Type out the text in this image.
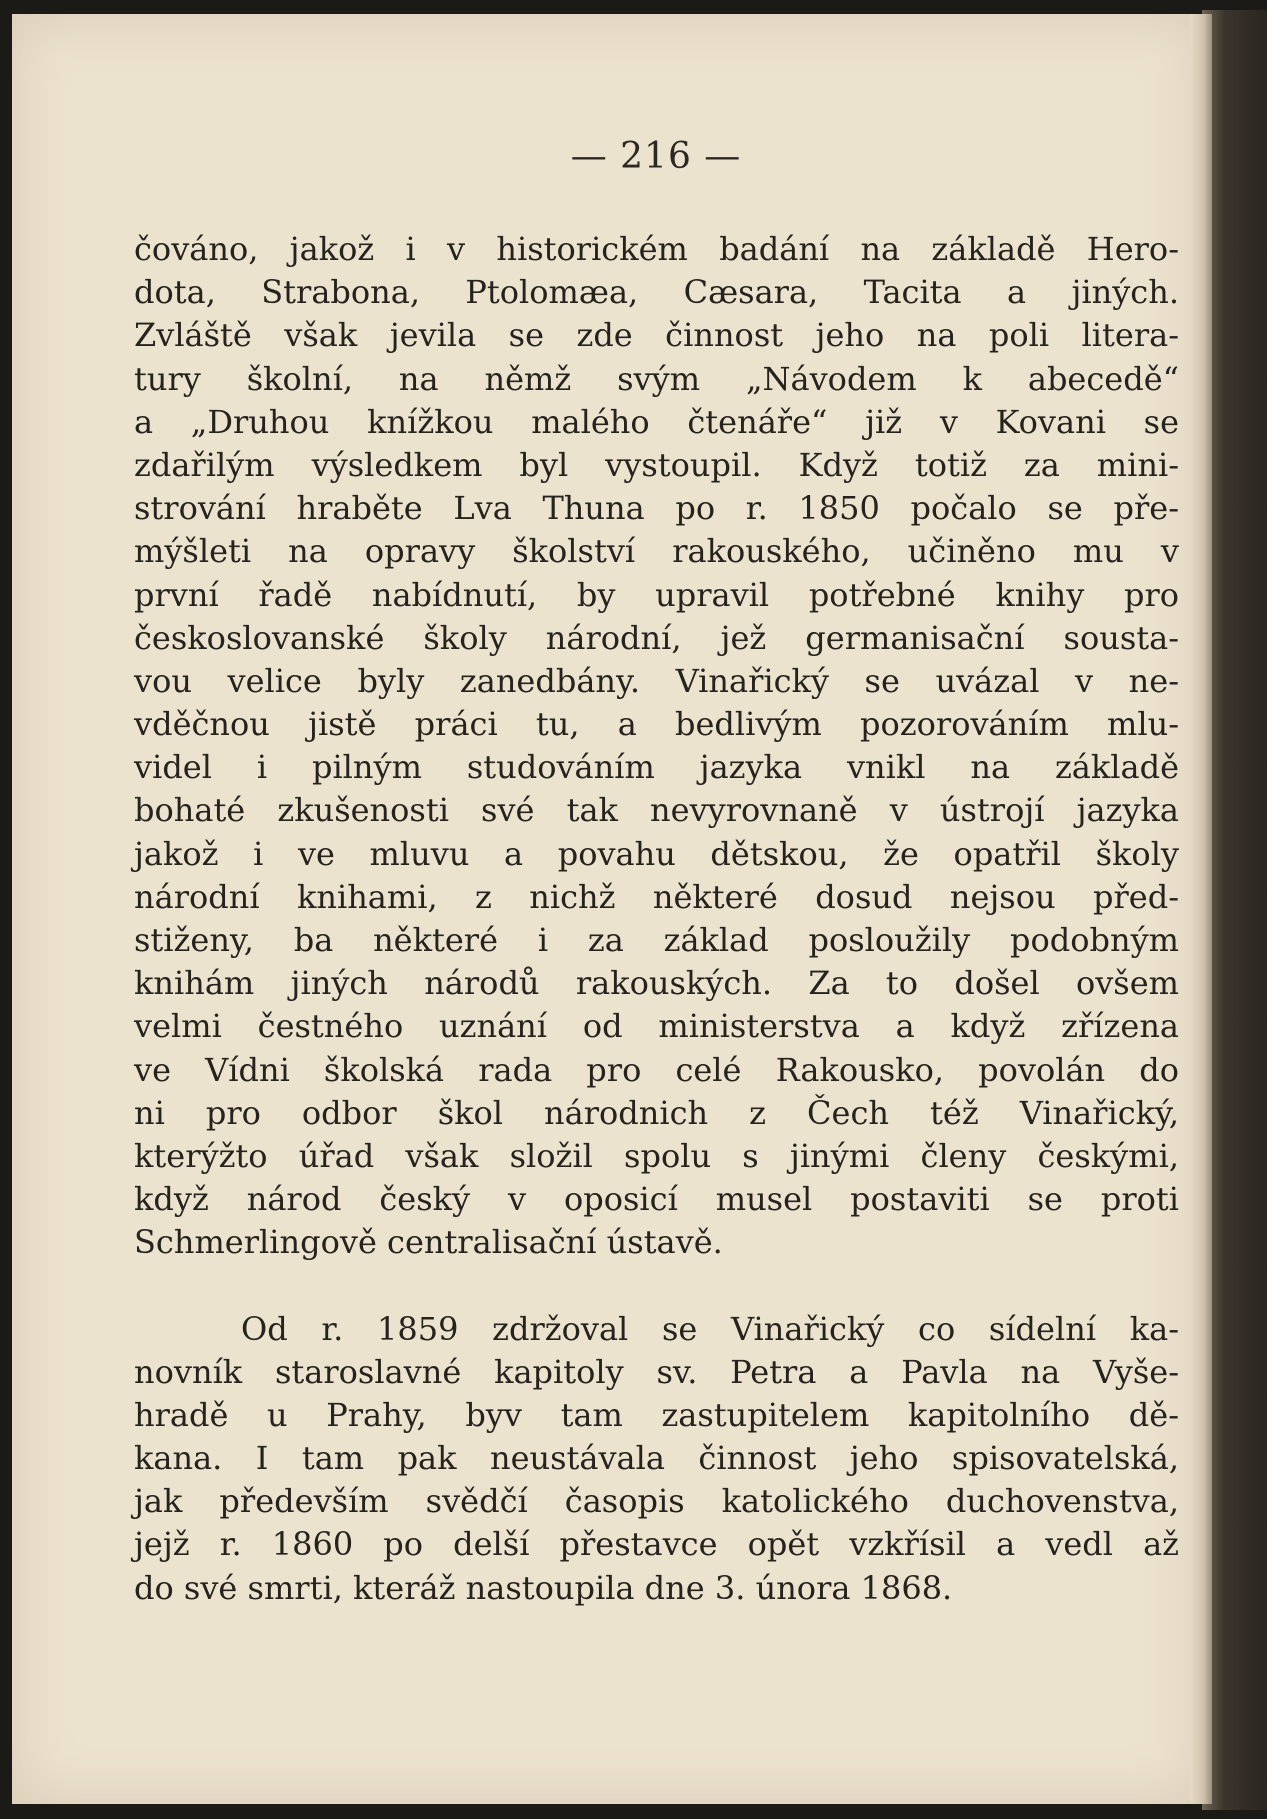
— 216 —
čováno, jakož i v historickém badání na základě Hero-
dota, Strabona, Ptolomæa, Cæsara, Tacita a jiných.
Zvláště však jevila se zde činnost jeho na poli litera-
tury školní, na němž svým „Návodem k abecedě“
a „Druhou knížkou malého čtenáře“ již v Kovani se
zdařilým výsledkem byl vystoupil. Když totiž za mini-
strování hraběte Lva Thuna po r. 1850 počalo se pře-
mýšleti na opravy školství rakouského, učiněno mu v
první řadě nabídnutí, by upravil potřebné knihy pro
českoslovanské školy národní, jež germanisační sousta-
vou velice byly zanedbány. Vinařický se uvázal v ne-
vděčnou jistě práci tu, a bedlivým pozorováním mlu-
videl i pilným studováním jazyka vnikl na základě
bohaté zkušenosti své tak nevyrovnaně v ústrojí jazyka
jakož i ve mluvu a povahu dětskou, že opatřil školy
národní knihami, z nichž některé dosud nejsou před-
stiženy, ba některé i za základ posloužily podobným
knihám jiných národů rakouských. Za to došel ovšem
velmi čestného uznání od ministerstva a když zřízena
ve Vídni školská rada pro celé Rakousko, povolán do
ni pro odbor škol národnich z Čech též Vinařický,
kterýžto úřad však složil spolu s jinými členy českými,
když národ český v oposicí musel postaviti se proti
Schmerlingově centralisační ústavě.
Od r. 1859 zdržoval se Vinařický co sídelní ka-
novník staroslavné kapitoly sv. Petra a Pavla na Vyše-
hradě u Prahy, byv tam zastupitelem kapitolního dě-
kana. I tam pak neustávala činnost jeho spisovatelská,
jak především svědčí časopis katolického duchovenstva,
jejž r. 1860 po delší přestavce opět vzkřísil a vedl až
do své smrti, kteráž nastoupila dne 3. února 1868.
